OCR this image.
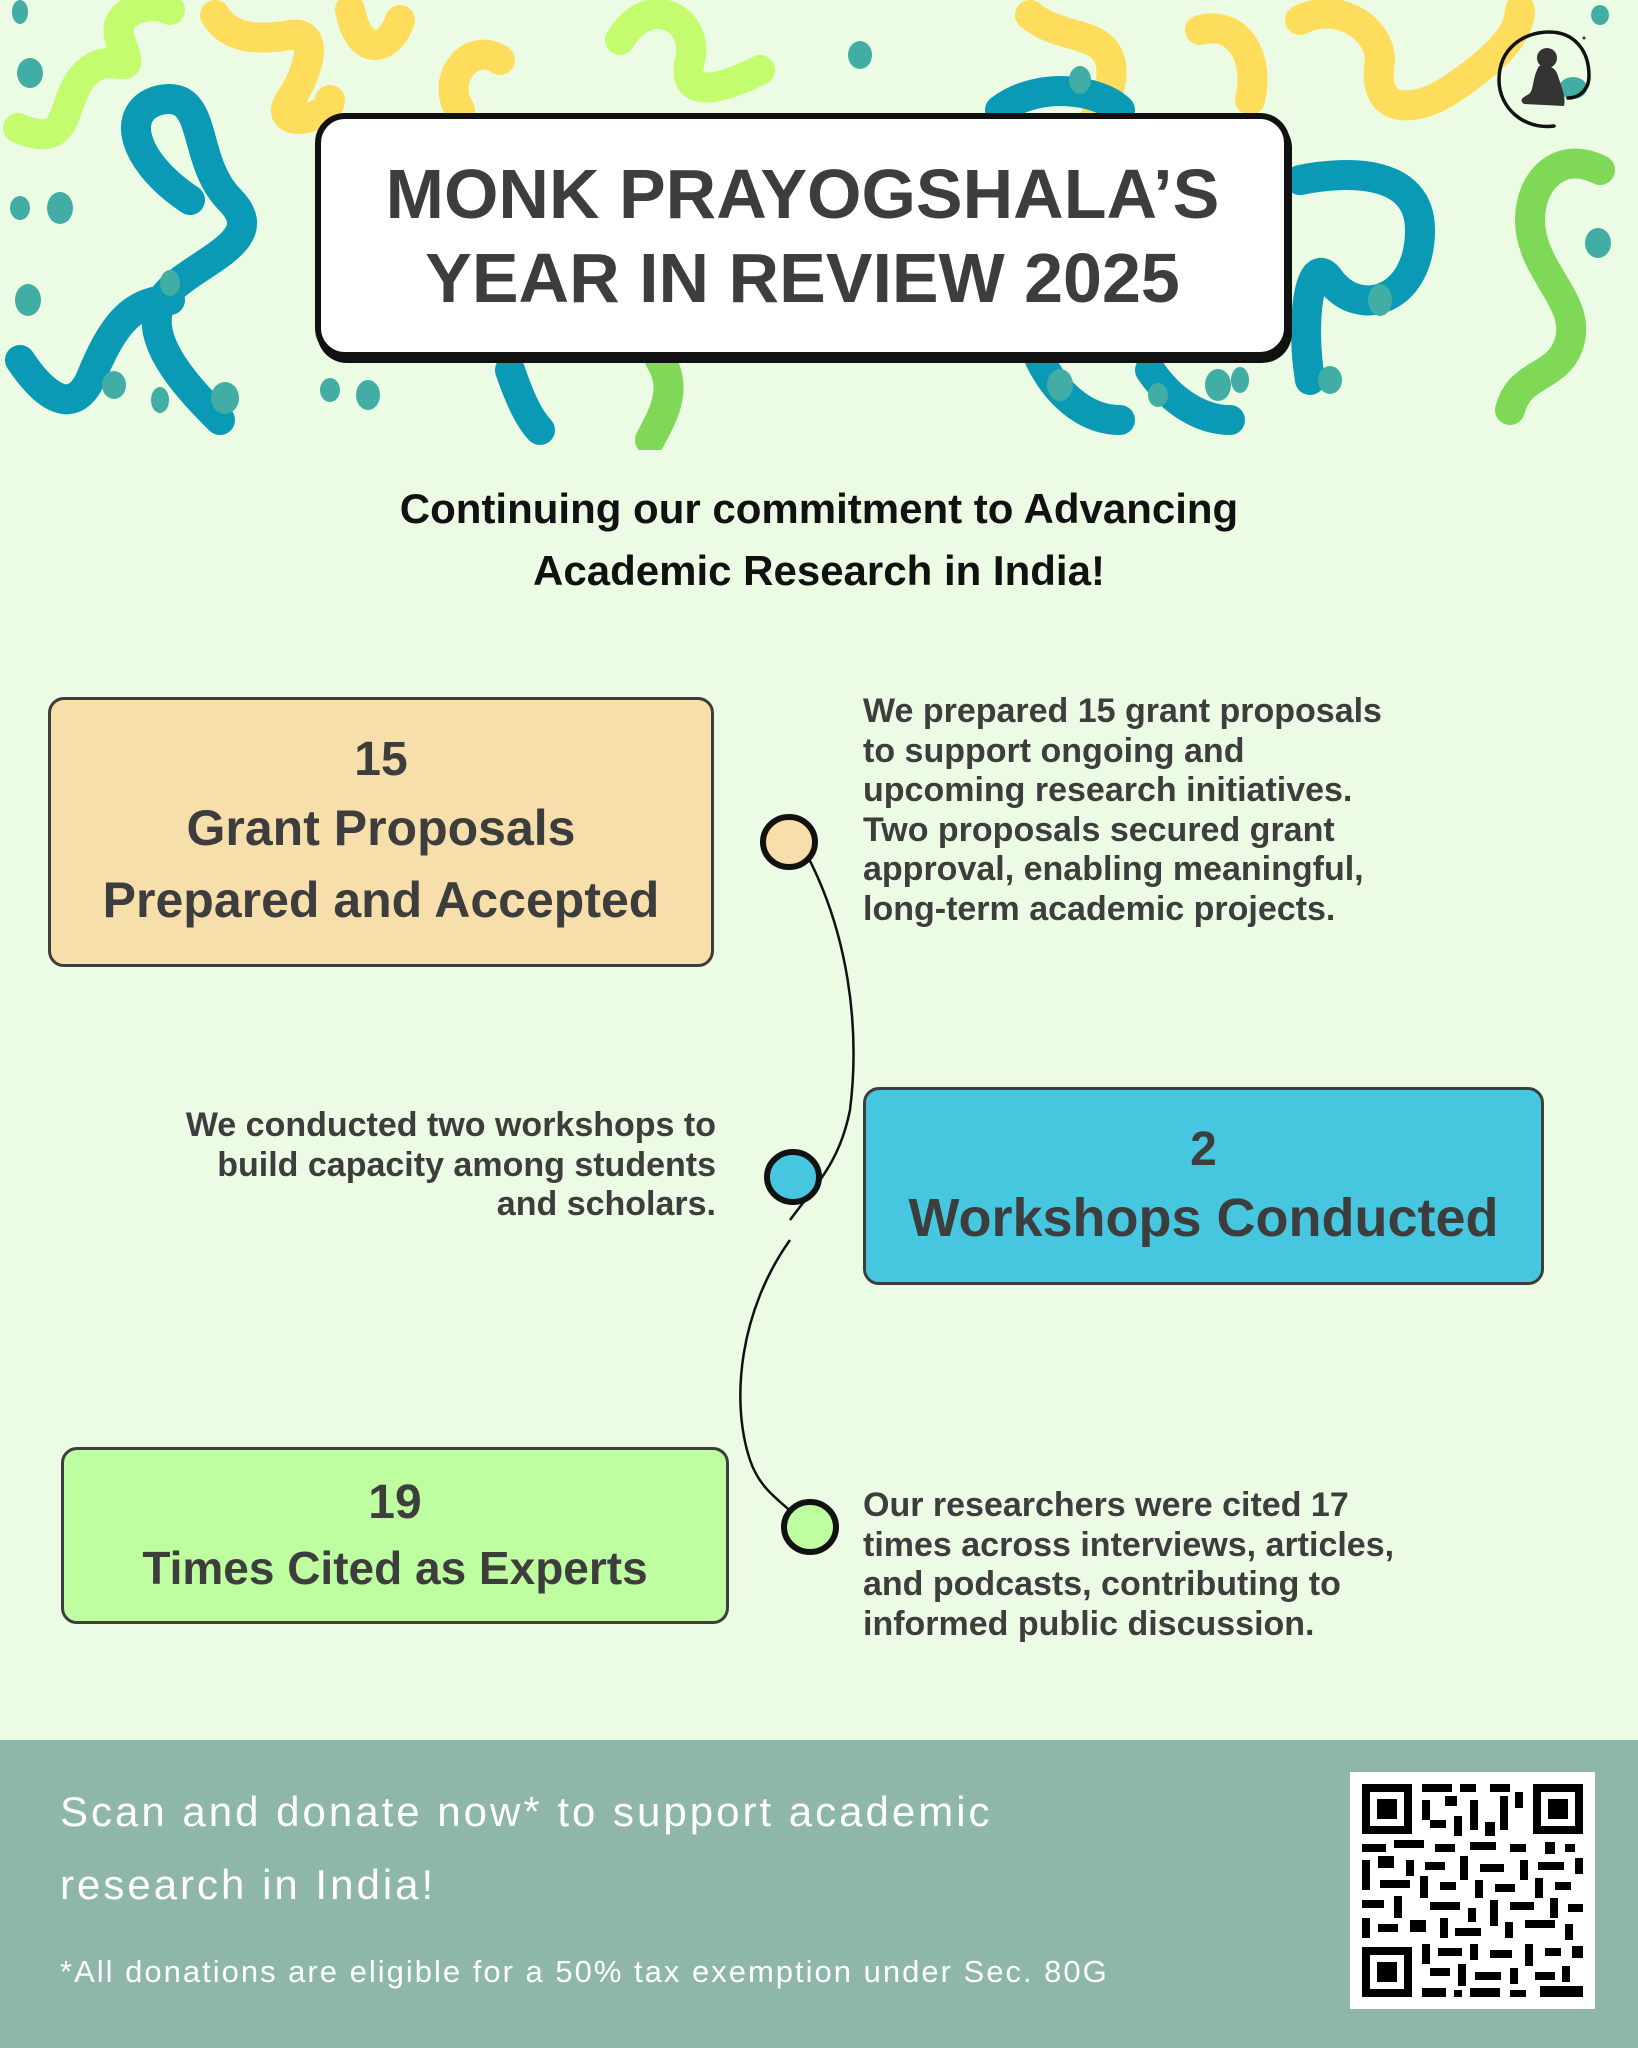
MONK PRAYOGSHALA’S
YEAR IN REVIEW 2025
Continuing our commitment to Advancing
Academic Research in India!
15
Grant Proposals
Prepared and Accepted
We prepared 15 grant proposals to support ongoing and upcoming research initiatives. Two proposals secured grant approval, enabling meaningful, long-term academic projects.
We conducted two workshops to build capacity among students and scholars.
2
Workshops Conducted
19
Times Cited as Experts
Our researchers were cited 17 times across interviews, articles, and podcasts, contributing to informed public discussion.
Scan and donate now* to support academic
research in India!
*All donations are eligible for a 50% tax exemption under Sec. 80G
